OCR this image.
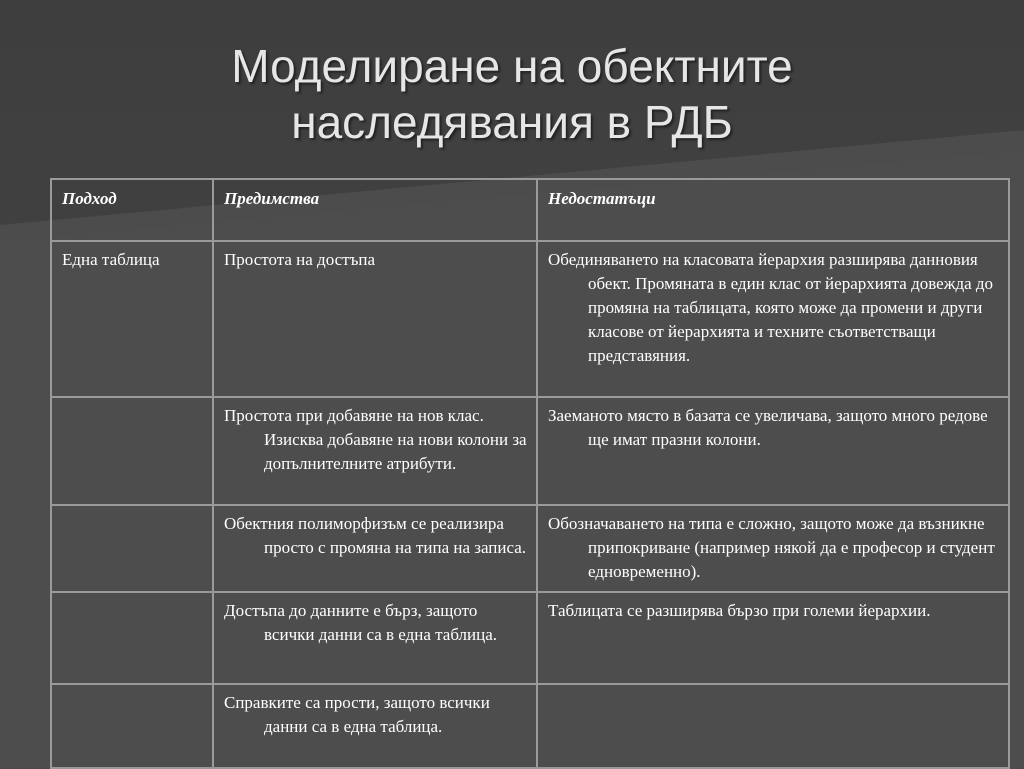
Моделиране на обектните
наследявания в РДБ
Подход	Предимства	Недостатъци

Една таблица	Простота на достъпа	Обединяването на класовата йерархия разширява данновия обект. Промяната в един клас от йерархията довежда до промяна на таблицата, която може да промени и други класове от йерархията и техните съответстващи представяния.

	Простота при добавяне на нов клас. Изисква добавяне на нови колони за допълнителните атрибути.	Заеманото място в базата се увеличава, защото много редове ще имат празни колони.

	Обектния полиморфизъм се реализира просто с промяна на типа на записа.	Обозначаването на типа е сложно, защото може да възникне припокриване (например някой да е професор и студент едновременно).

	Достъпа до данните е бърз, защото всички данни са в една таблица.	Таблицата се разширява бързо при големи йерархии.

	Справките са прости, защото всички данни са в една таблица.	
